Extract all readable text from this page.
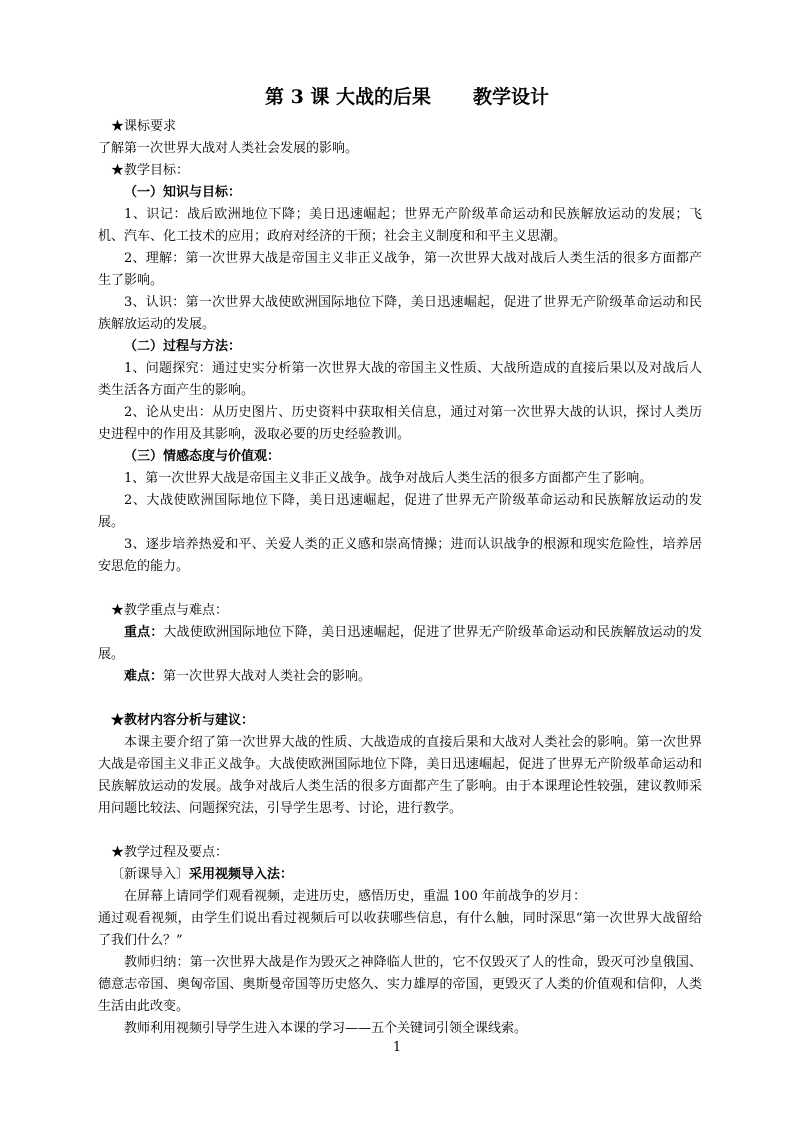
第 3 课 大战的后果 教学设计

★课标要求

了解第一次世界大战对人类社会发展的影响。

★教学目标：

（一）知识与目标：

1、识记：战后欧洲地位下降；美日迅速崛起；世界无产阶级革命运动和民族解放运动的发展；飞机、汽车、化工技术的应用；政府对经济的干预；社会主义制度和和平主义思潮。

2、理解：第一次世界大战是帝国主义非正义战争，第一次世界大战对战后人类生活的很多方面都产生了影响。

3、认识：第一次世界大战使欧洲国际地位下降，美日迅速崛起，促进了世界无产阶级革命运动和民族解放运动的发展。

（二）过程与方法：

1、问题探究：通过史实分析第一次世界大战的帝国主义性质、大战所造成的直接后果以及对战后人类生活各方面产生的影响。

2、论从史出：从历史图片、历史资料中获取相关信息，通过对第一次世界大战的认识，探讨人类历史进程中的作用及其影响，汲取必要的历史经验教训。

（三）情感态度与价值观：

1、第一次世界大战是帝国主义非正义战争。战争对战后人类生活的很多方面都产生了影响。

2、大战使欧洲国际地位下降，美日迅速崛起，促进了世界无产阶级革命运动和民族解放运动的发展。

3、逐步培养热爱和平、关爱人类的正义感和崇高情操；进而认识战争的根源和现实危险性，培养居安思危的能力。

★教学重点与难点：

重点：大战使欧洲国际地位下降，美日迅速崛起，促进了世界无产阶级革命运动和民族解放运动的发展。

难点：第一次世界大战对人类社会的影响。

★教材内容分析与建议：

本课主要介绍了第一次世界大战的性质、大战造成的直接后果和大战对人类社会的影响。第一次世界大战是帝国主义非正义战争。大战使欧洲国际地位下降，美日迅速崛起，促进了世界无产阶级革命运动和民族解放运动的发展。战争对战后人类生活的很多方面都产生了影响。由于本课理论性较强，建议教师采用问题比较法、问题探究法，引导学生思考、讨论，进行教学。

★教学过程及要点：

〔新课导入〕采用视频导入法：

在屏幕上请同学们观看视频，走进历史，感悟历史，重温 100 年前战争的岁月：

通过观看视频，由学生们说出看过视频后可以收获哪些信息，有什么触，同时深思“第一次世界大战留给了我们什么？”

教师归纳：第一次世界大战是作为毁灭之神降临人世的，它不仅毁灭了人的性命，毁灭可沙皇俄国、德意志帝国、奥匈帝国、奥斯曼帝国等历史悠久、实力雄厚的帝国，更毁灭了人类的价值观和信仰，人类生活由此改变。

教师利用视频引导学生进入本课的学习——五个关键词引领全课线索。

1
